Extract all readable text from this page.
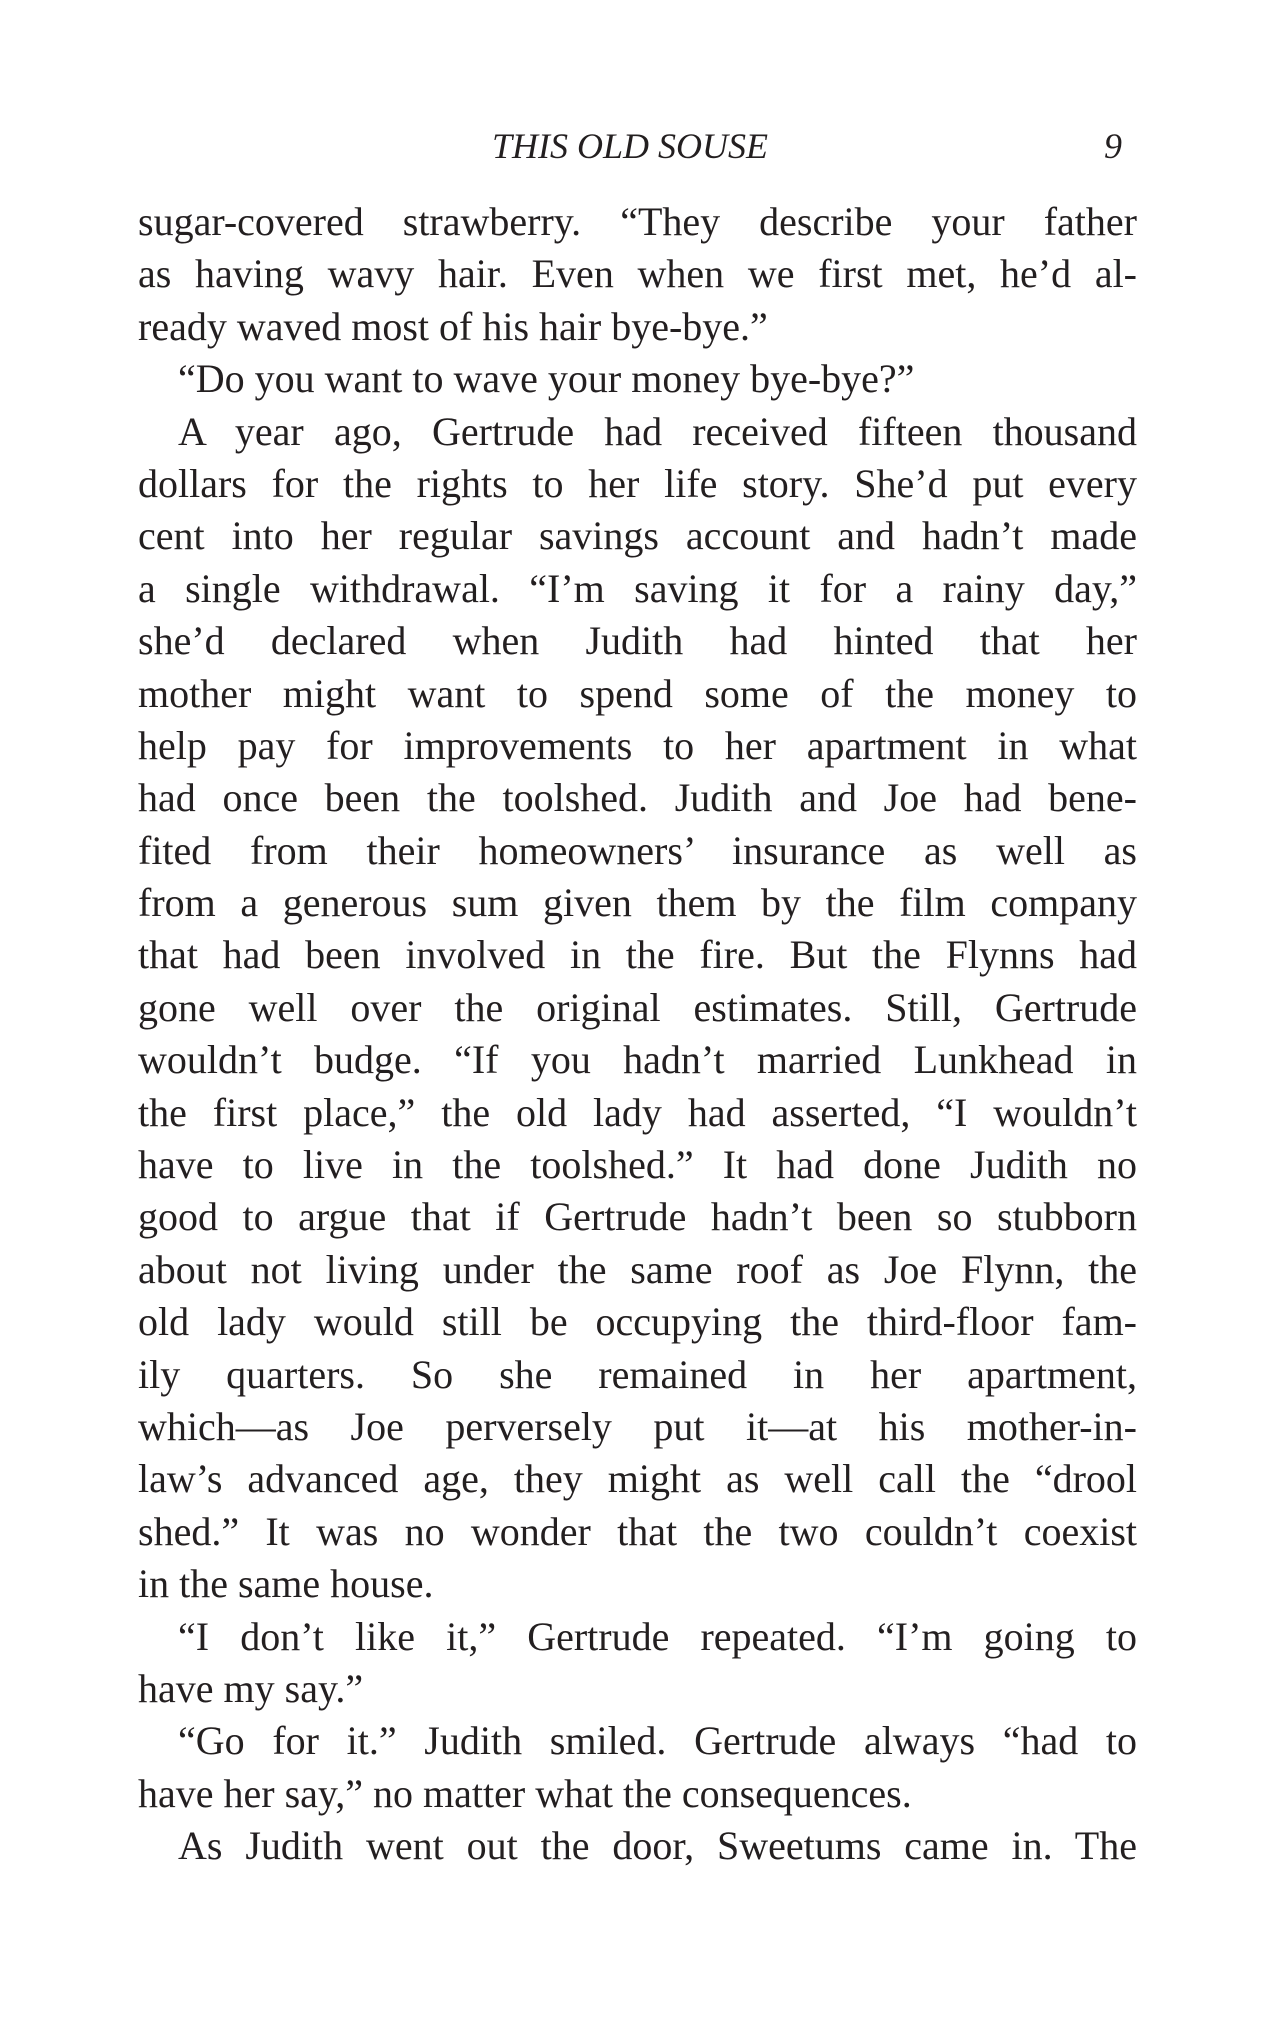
THIS OLD SOUSE	9
sugar-covered strawberry. “They describe your father
as having wavy hair. Even when we first met, he’d al-
ready waved most of his hair bye-bye.”
“Do you want to wave your money bye-bye?”
A year ago, Gertrude had received fifteen thousand
dollars for the rights to her life story. She’d put every
cent into her regular savings account and hadn’t made
a single withdrawal. “I’m saving it for a rainy day,”
she’d declared when Judith had hinted that her
mother might want to spend some of the money to
help pay for improvements to her apartment in what
had once been the toolshed. Judith and Joe had bene-
fited from their homeowners’ insurance as well as
from a generous sum given them by the film company
that had been involved in the fire. But the Flynns had
gone well over the original estimates. Still, Gertrude
wouldn’t budge. “If you hadn’t married Lunkhead in
the first place,” the old lady had asserted, “I wouldn’t
have to live in the toolshed.” It had done Judith no
good to argue that if Gertrude hadn’t been so stubborn
about not living under the same roof as Joe Flynn, the
old lady would still be occupying the third-floor fam-
ily quarters. So she remained in her apartment,
which—as Joe perversely put it—at his mother-in-
law’s advanced age, they might as well call the “drool
shed.” It was no wonder that the two couldn’t coexist
in the same house.
“I don’t like it,” Gertrude repeated. “I’m going to
have my say.”
“Go for it.” Judith smiled. Gertrude always “had to
have her say,” no matter what the consequences.
As Judith went out the door, Sweetums came in. The
